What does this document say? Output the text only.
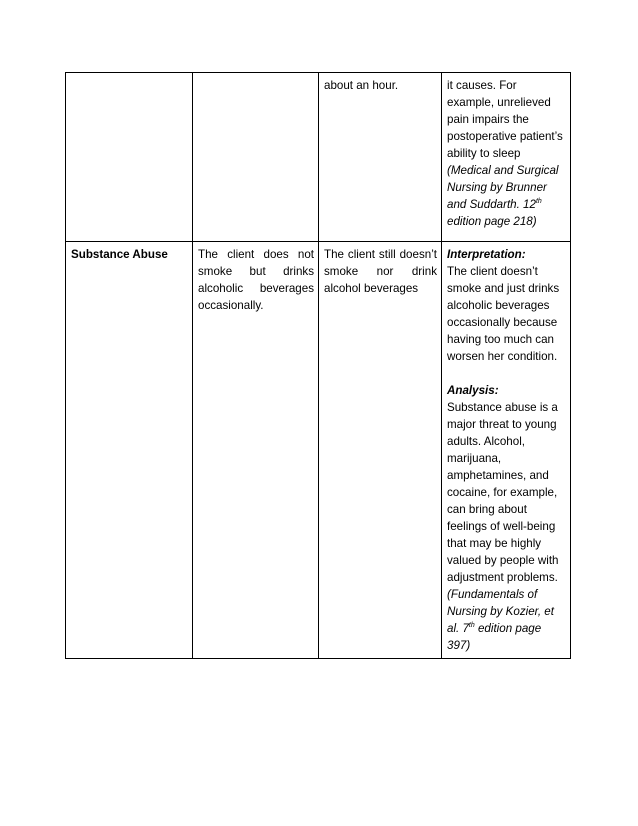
		about an hour.	it causes. For example, unrelieved pain impairs the postoperative patient’s ability to sleep (Medical and Surgical Nursing by Brunner and Suddarth. 12th edition page 218)
Substance Abuse	The client does not smoke but drinks alcoholic beverages occasionally.	The client still doesn’t smoke nor drink alcohol beverages	Interpretation:
The client doesn’t smoke and just drinks alcoholic beverages occasionally because having too much can worsen her condition.
Analysis:
Substance abuse is a major threat to young adults. Alcohol, marijuana, amphetamines, and cocaine, for example, can bring about feelings of well-being that may be highly valued by people with adjustment problems.
(Fundamentals of Nursing by Kozier, et al. 7th edition page 397)
